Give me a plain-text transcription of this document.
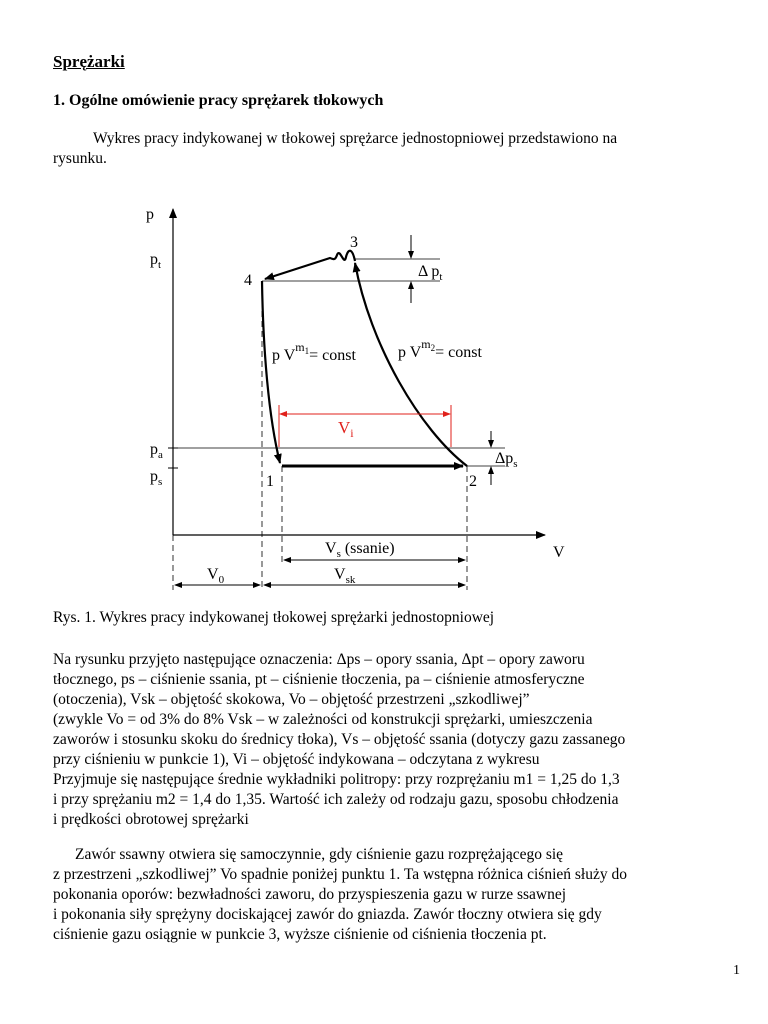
Sprężarki
1. Ogólne omówienie pracy sprężarek tłokowych
Wykres pracy indykowanej w tłokowej sprężarce jednostopniowej przedstawiono na
rysunku.
p
V
$p_t$
$p_a$
$p_s$
Δ $p_t$
$\Delta p_s$
1	2
3
4
p $V^m1=$ const	p $V^m2=$ const
$V_i$
$V_s$ (ssanie)
$V_0$	$V_{sk}$
Rys. 1. Wykres pracy indykowanej tłokowej sprężarki jednostopniowej
Na rysunku przyjęto następujące oznaczenia: Δps – opory ssania, Δpt – opory zaworu
tłocznego, ps – ciśnienie ssania, pt – ciśnienie tłoczenia, pa – ciśnienie atmosferyczne
(otoczenia), Vsk – objętość skokowa, Vo – objętość przestrzeni „szkodliwej”
(zwykle Vo = od 3% do 8% Vsk – w zależności od konstrukcji sprężarki, umieszczenia
zaworów i stosunku skoku do średnicy tłoka), Vs – objętość ssania (dotyczy gazu zassanego
przy ciśnieniu w punkcie 1), Vi – objętość indykowana – odczytana z wykresu
Przyjmuje się następujące średnie wykładniki politropy: przy rozprężaniu m1 = 1,25 do 1,3
i przy sprężaniu m2 = 1,4 do 1,35. Wartość ich zależy od rodzaju gazu, sposobu chłodzenia
i prędkości obrotowej sprężarki
Zawór ssawny otwiera się samoczynnie, gdy ciśnienie gazu rozprężającego się
z przestrzeni „szkodliwej” Vo spadnie poniżej punktu 1. Ta wstępna różnica ciśnień służy do
pokonania oporów: bezwładności zaworu, do przyspieszenia gazu w rurze ssawnej
i pokonania siły sprężyny dociskającej zawór do gniazda. Zawór tłoczny otwiera się gdy
ciśnienie gazu osiągnie w punkcie 3, wyższe ciśnienie od ciśnienia tłoczenia pt.
1
